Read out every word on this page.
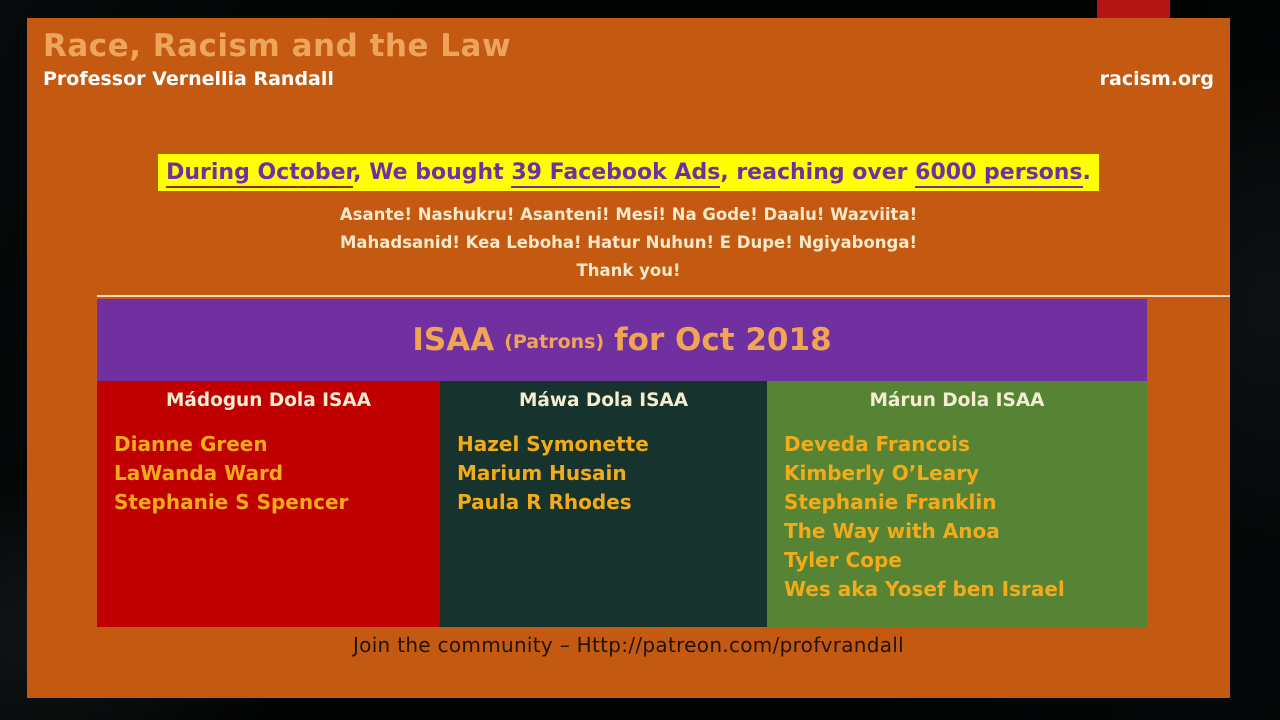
Race, Racism and the Law
Professor Vernellia Randall	racism.org
During October, We bought 39 Facebook Ads, reaching over 6000 persons.
Asante! Nashukru! Asanteni! Mesi! Na Gode! Daalu! Wazviita!
Mahadsanid! Kea Leboha! Hatur Nuhun! E Dupe! Ngiyabonga!
Thank you!
ISAA (Patrons) for Oct 2018
Mádogun Dola ISAA
Dianne Green
LaWanda Ward
Stephanie S Spencer
Máwa Dola ISAA
Hazel Symonette
Marium Husain
Paula R Rhodes
Márun Dola ISAA
Deveda Francois
Kimberly O’Leary
Stephanie Franklin
The Way with Anoa
Tyler Cope
Wes aka Yosef ben Israel
Join the community – Http://patreon.com/profvrandall
